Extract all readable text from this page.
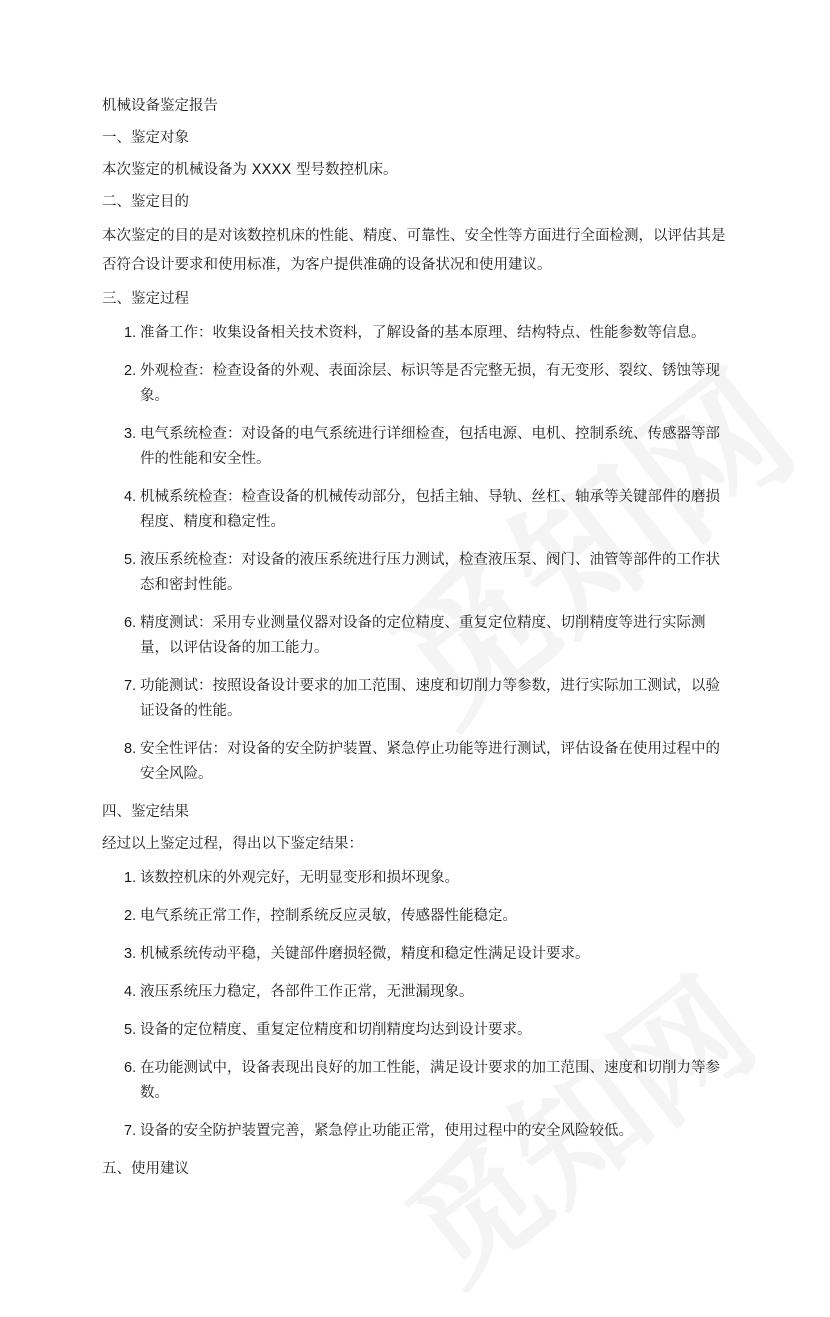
机械设备鉴定报告

一、鉴定对象

本次鉴定的机械设备为 XXXX 型号数控机床。

二、鉴定目的

本次鉴定的目的是对该数控机床的性能、精度、可靠性、安全性等方面进行全面检测，以评估其是否符合设计要求和使用标准，为客户提供准确的设备状况和使用建议。

三、鉴定过程

1. 准备工作：收集设备相关技术资料，了解设备的基本原理、结构特点、性能参数等信息。
2. 外观检查：检查设备的外观、表面涂层、标识等是否完整无损，有无变形、裂纹、锈蚀等现象。
3. 电气系统检查：对设备的电气系统进行详细检查，包括电源、电机、控制系统、传感器等部件的性能和安全性。
4. 机械系统检查：检查设备的机械传动部分，包括主轴、导轨、丝杠、轴承等关键部件的磨损程度、精度和稳定性。
5. 液压系统检查：对设备的液压系统进行压力测试，检查液压泵、阀门、油管等部件的工作状态和密封性能。
6. 精度测试：采用专业测量仪器对设备的定位精度、重复定位精度、切削精度等进行实际测量，以评估设备的加工能力。
7. 功能测试：按照设备设计要求的加工范围、速度和切削力等参数，进行实际加工测试，以验证设备的性能。
8. 安全性评估：对设备的安全防护装置、紧急停止功能等进行测试，评估设备在使用过程中的安全风险。

四、鉴定结果

经过以上鉴定过程，得出以下鉴定结果：

1. 该数控机床的外观完好，无明显变形和损坏现象。
2. 电气系统正常工作，控制系统反应灵敏，传感器性能稳定。
3. 机械系统传动平稳，关键部件磨损轻微，精度和稳定性满足设计要求。
4. 液压系统压力稳定，各部件工作正常，无泄漏现象。
5. 设备的定位精度、重复定位精度和切削精度均达到设计要求。
6. 在功能测试中，设备表现出良好的加工性能，满足设计要求的加工范围、速度和切削力等参数。
7. 设备的安全防护装置完善，紧急停止功能正常，使用过程中的安全风险较低。

五、使用建议
